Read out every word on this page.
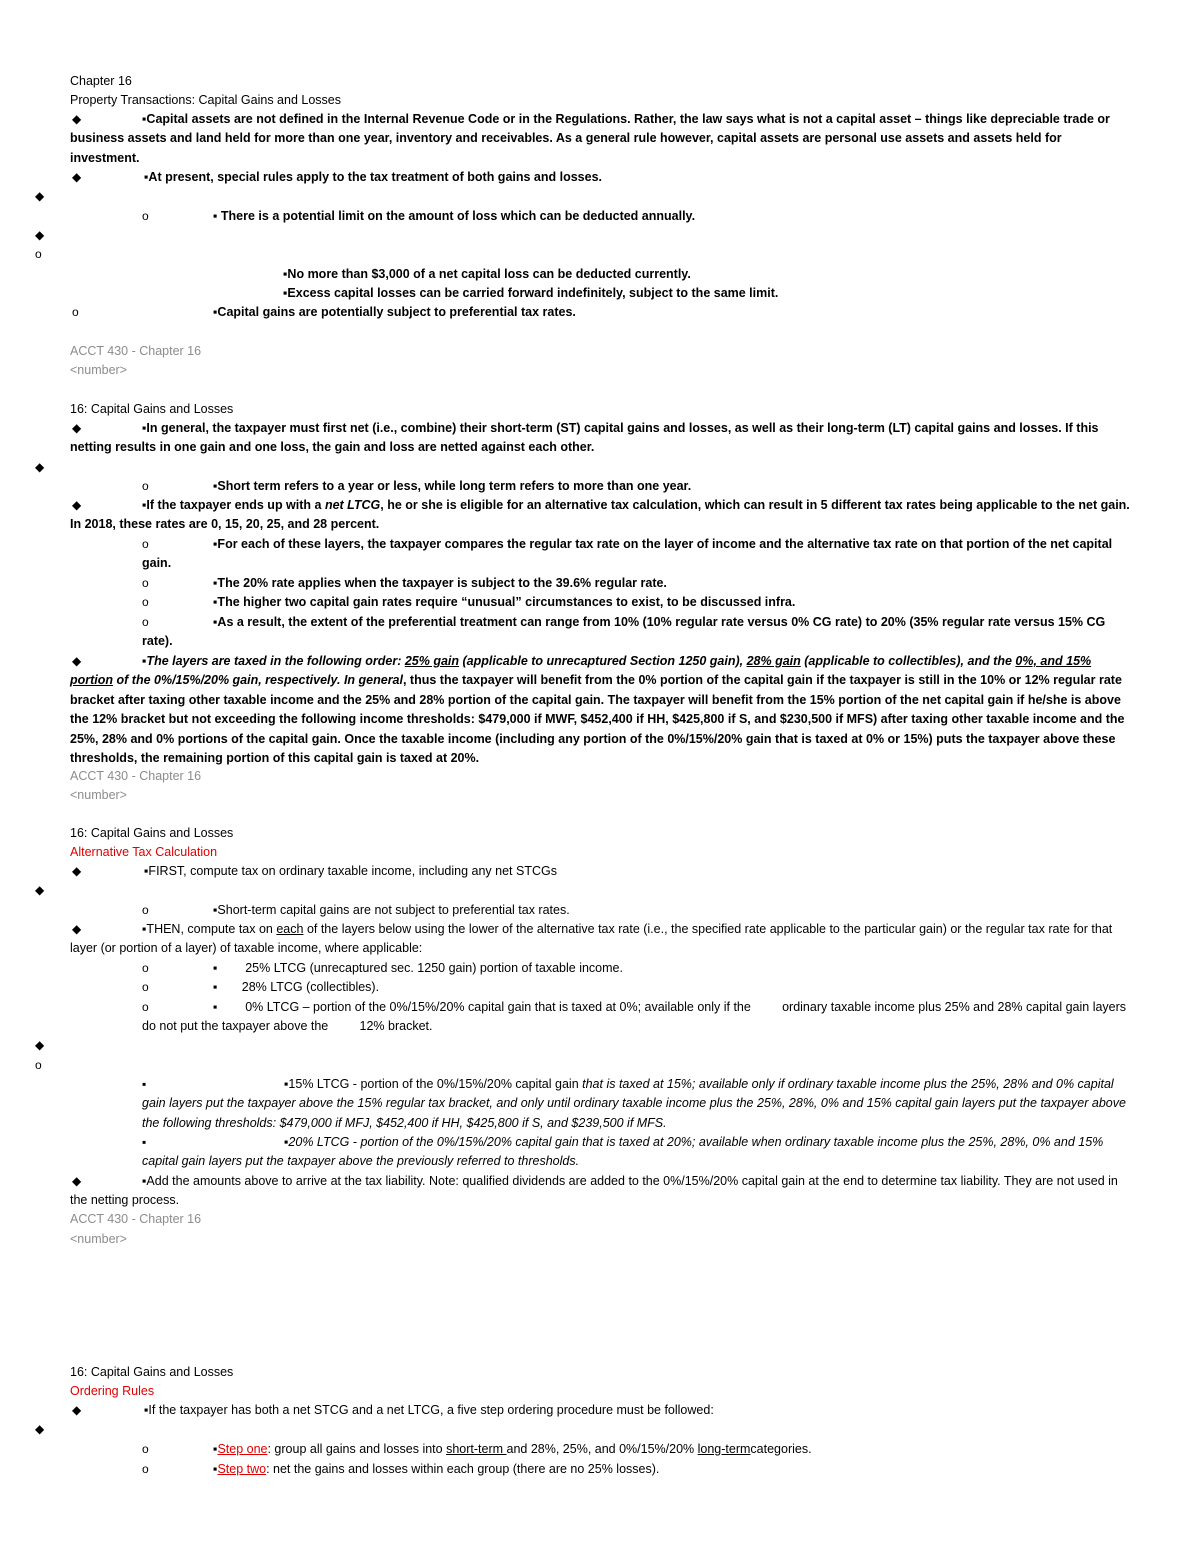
Chapter 16
Property Transactions: Capital Gains and Losses
◆	▪Capital assets are not defined in the Internal Revenue Code or in the Regulations. Rather, the law says what is not a capital asset – things like depreciable trade or business assets and land held for more than one year, inventory and receivables. As a general rule however, capital assets are personal use assets and assets held for investment.
◆	▪At present, special rules apply to the tax treatment of both gains and losses.
◆
o	▪ There is a potential limit on the amount of loss which can be deducted annually.
◆
o
▪No more than $3,000 of a net capital loss can be deducted currently.
▪Excess capital losses can be carried forward indefinitely, subject to the same limit.
o	▪Capital gains are potentially subject to preferential tax rates.
ACCT 430 - Chapter 16
<number>
16: Capital Gains and Losses
◆	▪In general, the taxpayer must first net (i.e., combine) their short-term (ST) capital gains and losses, as well as their long-term (LT) capital gains and losses. If this netting results in one gain and one loss, the gain and loss are netted against each other.
◆
o	▪Short term refers to a year or less, while long term refers to more than one year.
◆	▪If the taxpayer ends up with a net LTCG, he or she is eligible for an alternative tax calculation, which can result in 5 different tax rates being applicable to the net gain. In 2018, these rates are 0, 15, 20, 25, and 28 percent.
o	▪For each of these layers, the taxpayer compares the regular tax rate on the layer of income and the alternative tax rate on that portion of the net capital gain.
o	▪The 20% rate applies when the taxpayer is subject to the 39.6% regular rate.
o	▪The higher two capital gain rates require “unusual” circumstances to exist, to be discussed infra.
o	▪As a result, the extent of the preferential treatment can range from 10% (10% regular rate versus 0% CG rate) to 20% (35% regular rate versus 15% CG rate).
◆	▪The layers are taxed in the following order: 25% gain (applicable to unrecaptured Section 1250 gain), 28% gain (applicable to collectibles), and the 0%, and 15% portion of the 0%/15%/20% gain, respectively. In general, thus the taxpayer will benefit from the 0% portion of the capital gain if the taxpayer is still in the 10% or 12% regular rate bracket after taxing other taxable income and the 25% and 28% portion of the capital gain. The taxpayer will benefit from the 15% portion of the net capital gain if he/she is above the 12% bracket but not exceeding the following income thresholds: $479,000 if MWF, $452,400 if HH, $425,800 if S, and $230,500 if MFS) after taxing other taxable income and the 25%, 28% and 0% portions of the capital gain. Once the taxable income (including any portion of the 0%/15%/20% gain that is taxed at 0% or 15%) puts the taxpayer above these thresholds, the remaining portion of this capital gain is taxed at 20%.
ACCT 430 - Chapter 16
<number>
16: Capital Gains and Losses
Alternative Tax Calculation
◆	▪FIRST, compute tax on ordinary taxable income, including any net STCGs
◆
o	▪Short-term capital gains are not subject to preferential tax rates.
◆	▪THEN, compute tax on each of the layers below using the lower of the alternative tax rate (i.e., the specified rate applicable to the particular gain) or the regular tax rate for that layer (or portion of a layer) of taxable income, where applicable:
o	▪        25% LTCG (unrecaptured sec. 1250 gain) portion of taxable income.
o	▪       28% LTCG (collectibles).
o	▪        0% LTCG – portion of the 0%/15%/20% capital gain that is taxed at 0%; available only if the         ordinary taxable income plus 25% and 28% capital gain layers do not put the taxpayer above the         12% bracket.
◆
o
▪	▪15% LTCG - portion of the 0%/15%/20% capital gain that is taxed at 15%; available only if ordinary taxable income plus the 25%, 28% and 0% capital gain layers put the taxpayer above the 15% regular tax bracket, and only until ordinary taxable income plus the 25%, 28%, 0% and 15% capital gain layers put the taxpayer above the following thresholds: $479,000 if MFJ, $452,400 if HH, $425,800 if S, and $239,500 if MFS.
▪	▪20% LTCG - portion of the 0%/15%/20% capital gain that is taxed at 20%; available when ordinary taxable income plus the 25%, 28%, 0% and 15% capital gain layers put the taxpayer above the previously referred to thresholds.
◆	▪Add the amounts above to arrive at the tax liability. Note: qualified dividends are added to the 0%/15%/20% capital gain at the end to determine tax liability. They are not used in the netting process.
ACCT 430 - Chapter 16
<number>
16: Capital Gains and Losses
Ordering Rules
◆	▪If the taxpayer has both a net STCG and a net LTCG, a five step ordering procedure must be followed:
◆
o	▪Step one: group all gains and losses into short-term and 28%, 25%, and 0%/15%/20% long-termcategories.
o	▪Step two: net the gains and losses within each group (there are no 25% losses).
